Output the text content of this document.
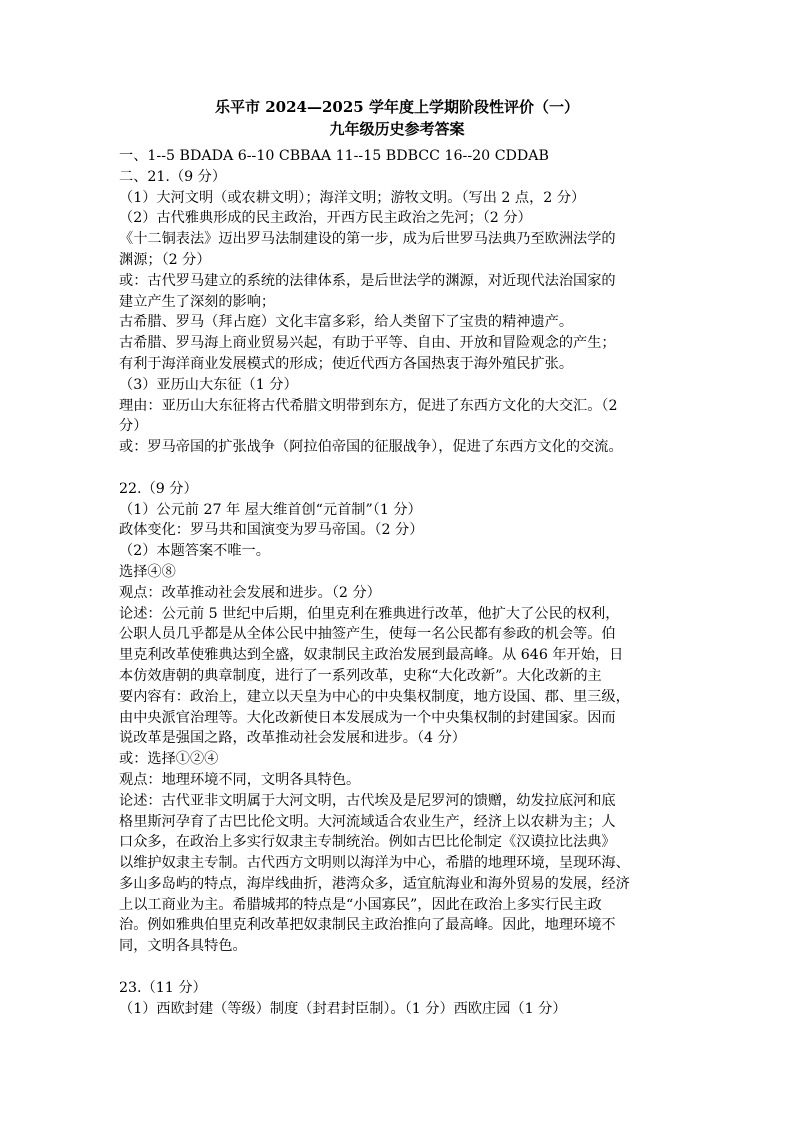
乐平市 2024—2025 学年度上学期阶段性评价（一）
九年级历史参考答案
一、1--5 BDADA 6--10 CBBAA 11--15 BDBCC 16--20 CDDAB
二、21.（9 分）
（1）大河文明（或农耕文明）；海洋文明；游牧文明。（写出 2 点，2 分）
（2）古代雅典形成的民主政治，开西方民主政治之先河；（2 分）
《十二铜表法》迈出罗马法制建设的第一步，成为后世罗马法典乃至欧洲法学的
渊源；（2 分）
或：古代罗马建立的系统的法律体系，是后世法学的渊源，对近现代法治国家的
建立产生了深刻的影响；
古希腊、罗马（拜占庭）文化丰富多彩，给人类留下了宝贵的精神遗产。
古希腊、罗马海上商业贸易兴起，有助于平等、自由、开放和冒险观念的产生；
有利于海洋商业发展模式的形成；使近代西方各国热衷于海外殖民扩张。
（3）亚历山大东征（1 分）
理由：亚历山大东征将古代希腊文明带到东方，促进了东西方文化的大交汇。（2
分）
或：罗马帝国的扩张战争（阿拉伯帝国的征服战争），促进了东西方文化的交流。
22.（9 分）
（1）公元前 27 年 屋大维首创“元首制”（1 分）
政体变化：罗马共和国演变为罗马帝国。（2 分）
（2）本题答案不唯一。
选择④⑧
观点：改革推动社会发展和进步。（2 分）
论述：公元前 5 世纪中后期，伯里克利在雅典进行改革，他扩大了公民的权利，
公职人员几乎都是从全体公民中抽签产生，使每一名公民都有参政的机会等。伯
里克利改革使雅典达到全盛，奴隶制民主政治发展到最高峰。从 646 年开始，日
本仿效唐朝的典章制度，进行了一系列改革，史称“大化改新”。大化改新的主
要内容有：政治上，建立以天皇为中心的中央集权制度，地方设国、郡、里三级，
由中央派官治理等。大化改新使日本发展成为一个中央集权制的封建国家。因而
说改革是强国之路，改革推动社会发展和进步。（4 分）
或：选择①②④
观点：地理环境不同，文明各具特色。
论述：古代亚非文明属于大河文明，古代埃及是尼罗河的馈赠，幼发拉底河和底
格里斯河孕育了古巴比伦文明。大河流域适合农业生产，经济上以农耕为主；人
口众多，在政治上多实行奴隶主专制统治。例如古巴比伦制定《汉谟拉比法典》
以维护奴隶主专制。古代西方文明则以海洋为中心，希腊的地理环境，呈现环海、
多山多岛屿的特点，海岸线曲折，港湾众多，适宜航海业和海外贸易的发展，经济
上以工商业为主。希腊城邦的特点是“小国寡民”，因此在政治上多实行民主政
治。例如雅典伯里克利改革把奴隶制民主政治推向了最高峰。因此，地理环境不
同，文明各具特色。
23.（11 分）
（1）西欧封建（等级）制度（封君封臣制）。（1 分）西欧庄园（1 分）
